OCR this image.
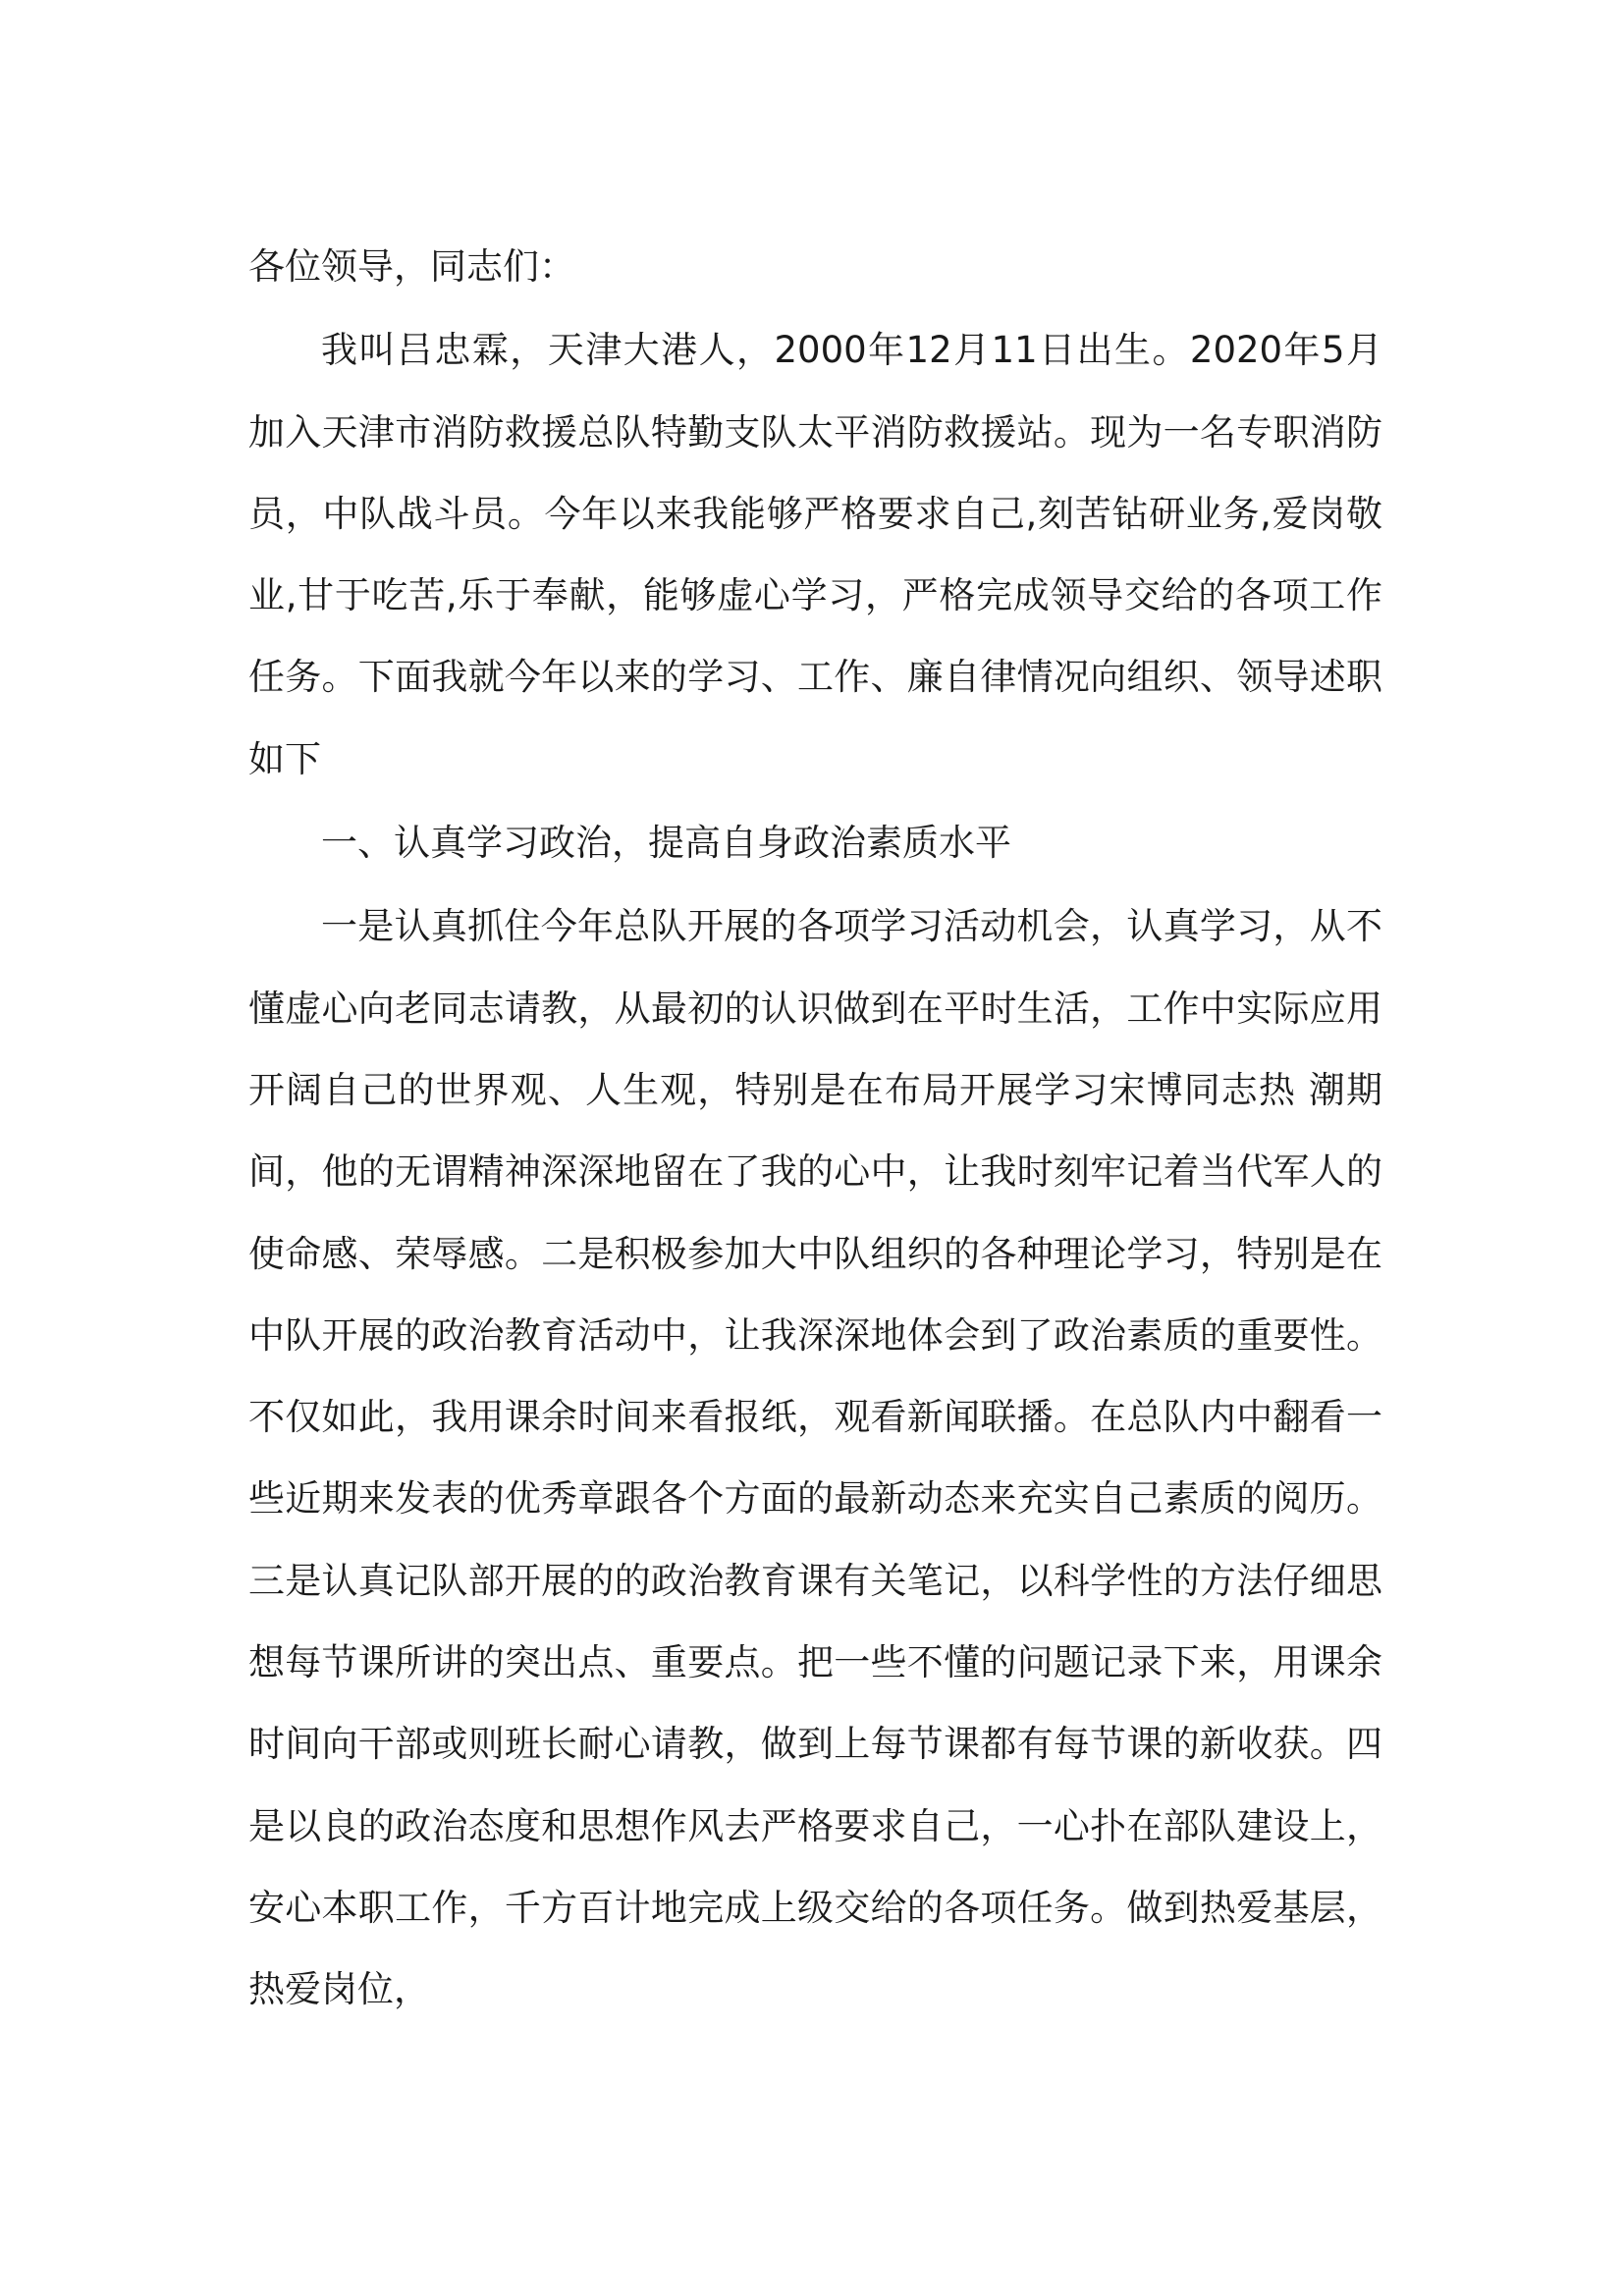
各位领导，同志们：

我叫吕忠霖，天津大港人，2000年12月11日出生。2020年5月加入天津市消防救援总队特勤支队太平消防救援站。现为一名专职消防员，中队战斗员。今年以来我能够严格要求自己,刻苦钻研业务,爱岗敬业,甘于吃苦,乐于奉献，能够虚心学习，严格完成领导交给的各项工作任务。下面我就今年以来的学习、工作、廉自律情况向组织、领导述职如下

一、认真学习政治，提高自身政治素质水平

一是认真抓住今年总队开展的各项学习活动机会，认真学习，从不懂虚心向老同志请教，从最初的认识做到在平时生活，工作中实际应用开阔自己的世界观、人生观，特别是在布局开展学习宋博同志热 潮期间，他的无谓精神深深地留在了我的心中，让我时刻牢记着当代军人的使命感、荣辱感。二是积极参加大中队组织的各种理论学习，特别是在中队开展的政治教育活动中，让我深深地体会到了政治素质的重要性。不仅如此，我用课余时间来看报纸，观看新闻联播。在总队内中翻看一些近期来发表的优秀章跟各个方面的最新动态来充实自己素质的阅历。三是认真记队部开展的的政治教育课有关笔记，以科学性的方法仔细思想每节课所讲的突出点、重要点。把一些不懂的问题记录下来，用课余时间向干部或则班长耐心请教，做到上每节课都有每节课的新收获。四是以良的政治态度和思想作风去严格要求自己，一心扑在部队建设上，安心本职工作，千方百计地完成上级交给的各项任务。做到热爱基层，热爱岗位，
